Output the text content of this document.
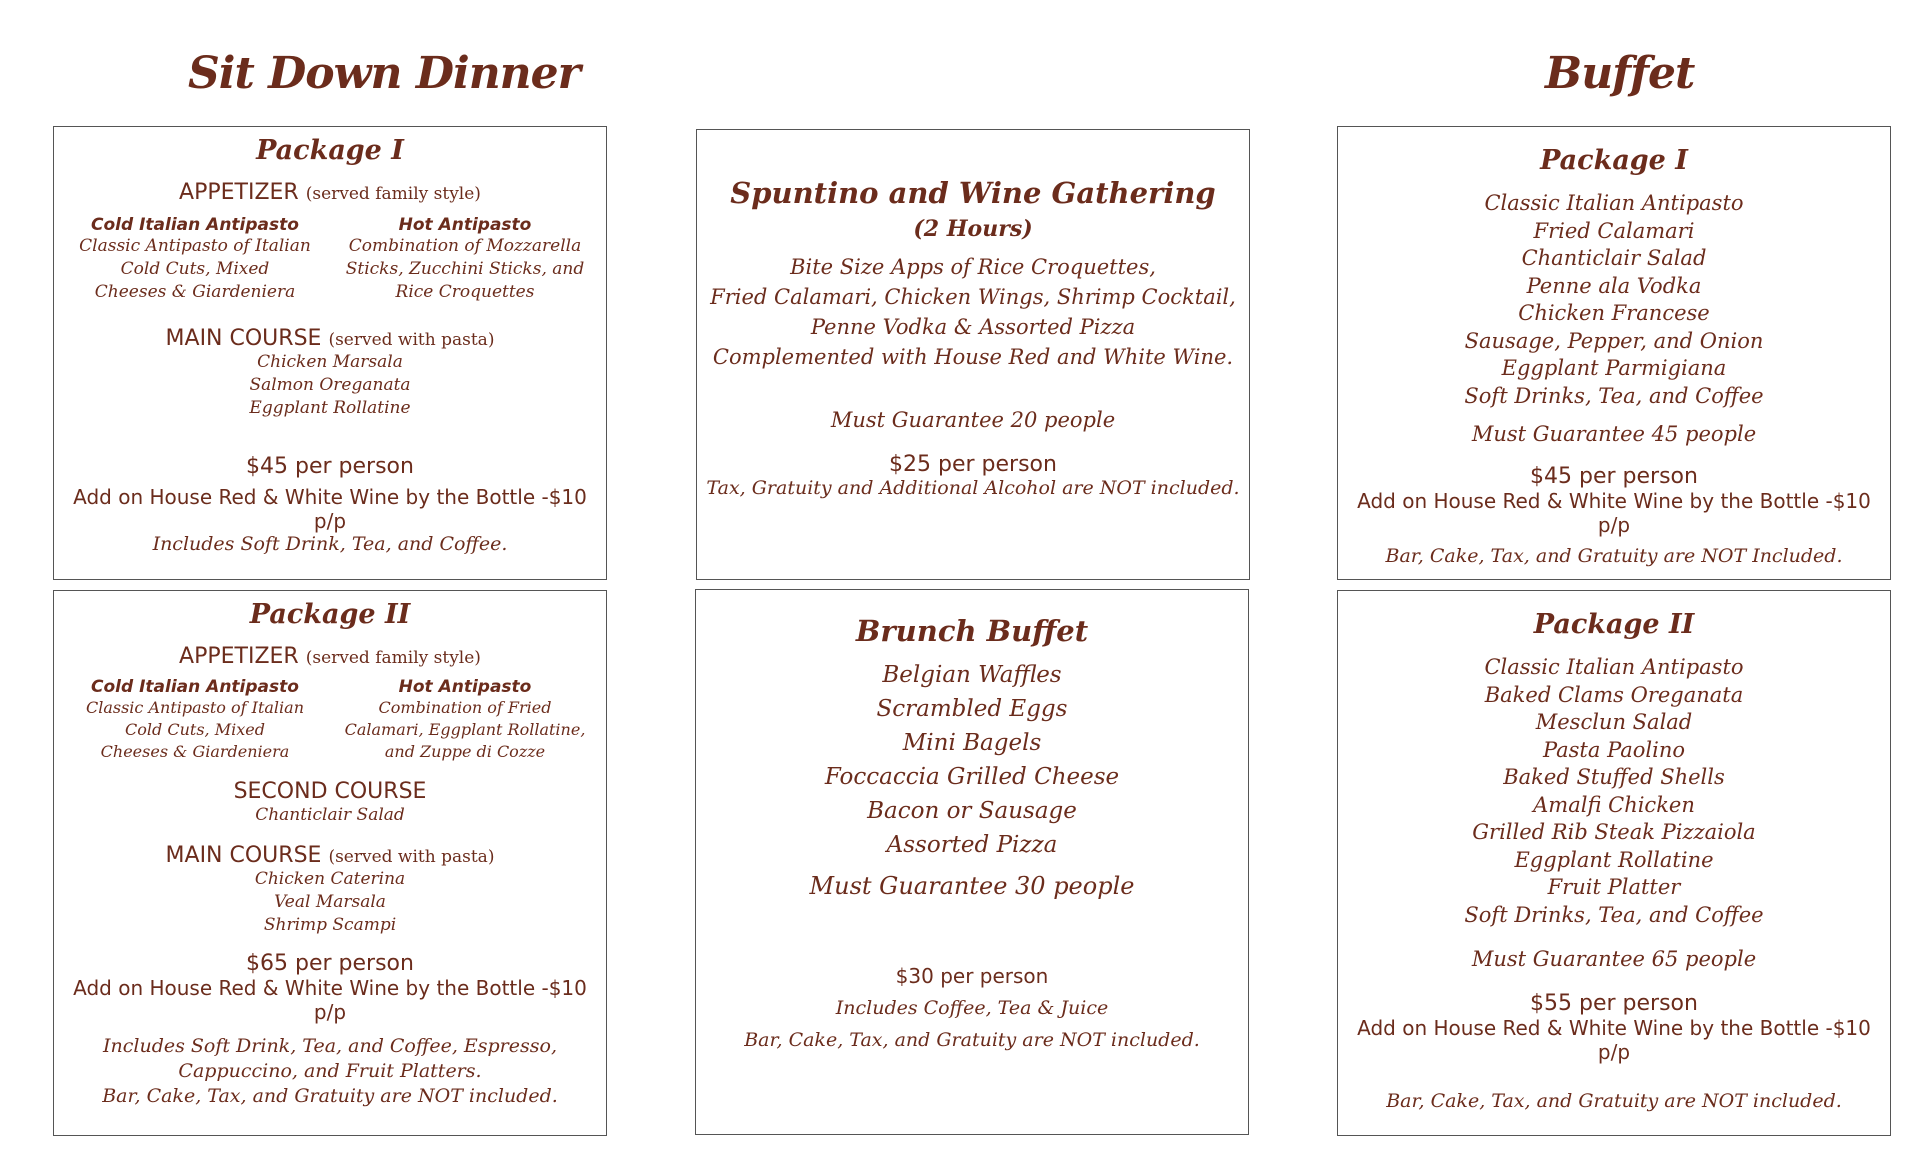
Sit Down Dinner	Buffet
Package I
APPETIZER (served family style)
Cold Italian Antipasto
Classic Antipasto of Italian
Cold Cuts, Mixed
Cheeses & Giardeniera
Hot Antipasto
Combination of Mozzarella
Sticks, Zucchini Sticks, and
Rice Croquettes
MAIN COURSE (served with pasta)
Chicken Marsala
Salmon Oreganata
Eggplant Rollatine
$45 per person
Add on House Red & White Wine by the Bottle -$10 p/p
Includes Soft Drink, Tea, and Coffee.
Package II
APPETIZER (served family style)
Cold Italian Antipasto
Classic Antipasto of Italian
Cold Cuts, Mixed
Cheeses & Giardeniera
Hot Antipasto
Combination of Fried
Calamari, Eggplant Rollatine,
and Zuppe di Cozze
SECOND COURSE
Chanticlair Salad
MAIN COURSE (served with pasta)
Chicken Caterina
Veal Marsala
Shrimp Scampi
$65 per person
Add on House Red & White Wine by the Bottle -$10 p/p
Includes Soft Drink, Tea, and Coffee, Espresso,
Cappuccino, and Fruit Platters.
Bar, Cake, Tax, and Gratuity are NOT included.
Spuntino and Wine Gathering
(2 Hours)
Bite Size Apps of Rice Croquettes,
Fried Calamari, Chicken Wings, Shrimp Cocktail,
Penne Vodka & Assorted Pizza
Complemented with House Red and White Wine.
Must Guarantee 20 people
$25 per person
Tax, Gratuity and Additional Alcohol are NOT included.
Brunch Buffet
Belgian Waffles
Scrambled Eggs
Mini Bagels
Foccaccia Grilled Cheese
Bacon or Sausage
Assorted Pizza
Must Guarantee 30 people
$30 per person
Includes Coffee, Tea & Juice
Bar, Cake, Tax, and Gratuity are NOT included.
Package I
Classic Italian Antipasto
Fried Calamari
Chanticlair Salad
Penne ala Vodka
Chicken Francese
Sausage, Pepper, and Onion
Eggplant Parmigiana
Soft Drinks, Tea, and Coffee
Must Guarantee 45 people
$45 per person
Add on House Red & White Wine by the Bottle -$10 p/p
Bar, Cake, Tax, and Gratuity are NOT Included.
Package II
Classic Italian Antipasto
Baked Clams Oreganata
Mesclun Salad
Pasta Paolino
Baked Stuffed Shells
Amalfi Chicken
Grilled Rib Steak Pizzaiola
Eggplant Rollatine
Fruit Platter
Soft Drinks, Tea, and Coffee
Must Guarantee 65 people
$55 per person
Add on House Red & White Wine by the Bottle -$10 p/p
Bar, Cake, Tax, and Gratuity are NOT included.
